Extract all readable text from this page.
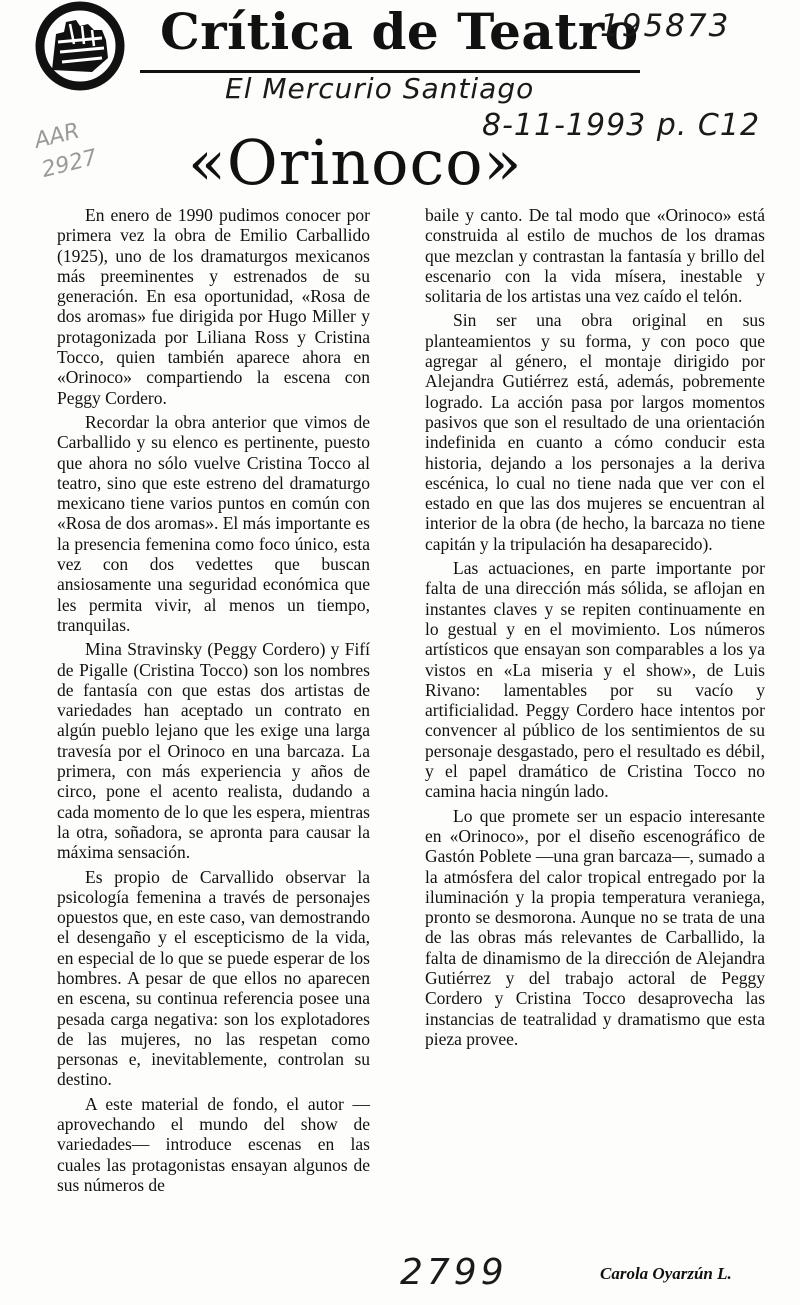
Crítica de Teatro
195873
El Mercurio Santiago
8-11-1993 p. C12
AAR
2927 «Orinoco»

En enero de 1990 pudimos conocer por primera vez la obra de Emilio Carballido (1925), uno de los dramaturgos mexicanos más preeminentes y estrenados de su generación. En esa oportunidad, «Rosa de dos aromas» fue dirigida por Hugo Miller y protagonizada por Liliana Ross y Cristina Tocco, quien también aparece ahora en «Orinoco» compartiendo la escena con Peggy Cordero.

Recordar la obra anterior que vimos de Carballido y su elenco es pertinente, puesto que ahora no sólo vuelve Cristina Tocco al teatro, sino que este estreno del dramaturgo mexicano tiene varios puntos en común con «Rosa de dos aromas». El más importante es la presencia femenina como foco único, esta vez con dos vedettes que buscan ansiosamente una seguridad económica que les permita vivir, al menos un tiempo, tranquilas.

Mina Stravinsky (Peggy Cordero) y Fifí de Pigalle (Cristina Tocco) son los nombres de fantasía con que estas dos artistas de variedades han aceptado un contrato en algún pueblo lejano que les exige una larga travesía por el Orinoco en una barcaza. La primera, con más experiencia y años de circo, pone el acento realista, dudando a cada momento de lo que les espera, mientras la otra, soñadora, se apronta para causar la máxima sensación.

Es propio de Carvallido observar la psicología femenina a través de personajes opuestos que, en este caso, van demostrando el desengaño y el escepticismo de la vida, en especial de lo que se puede esperar de los hombres. A pesar de que ellos no aparecen en escena, su continua referencia posee una pesada carga negativa: son los explotadores de las mujeres, no las respetan como personas e, inevitablemente, controlan su destino.

A este material de fondo, el autor —aprovechando el mundo del show de variedades— introduce escenas en las cuales las protagonistas ensayan algunos de sus números de

baile y canto. De tal modo que «Orinoco» está construida al estilo de muchos de los dramas que mezclan y contrastan la fantasía y brillo del escenario con la vida mísera, inestable y solitaria de los artistas una vez caído el telón.

Sin ser una obra original en sus planteamientos y su forma, y con poco que agregar al género, el montaje dirigido por Alejandra Gutiérrez está, además, pobremente logrado. La acción pasa por largos momentos pasivos que son el resultado de una orientación indefinida en cuanto a cómo conducir esta historia, dejando a los personajes a la deriva escénica, lo cual no tiene nada que ver con el estado en que las dos mujeres se encuentran al interior de la obra (de hecho, la barcaza no tiene capitán y la tripulación ha desaparecido).

Las actuaciones, en parte importante por falta de una dirección más sólida, se aflojan en instantes claves y se repiten continuamente en lo gestual y en el movimiento. Los números artísticos que ensayan son comparables a los ya vistos en «La miseria y el show», de Luis Rivano: lamentables por su vacío y artificialidad. Peggy Cordero hace intentos por convencer al público de los sentimientos de su personaje desgastado, pero el resultado es débil, y el papel dramático de Cristina Tocco no camina hacia ningún lado.

Lo que promete ser un espacio interesante en «Orinoco», por el diseño escenográfico de Gastón Poblete —una gran barcaza—, sumado a la atmósfera del calor tropical entregado por la iluminación y la propia temperatura veraniega, pronto se desmorona. Aunque no se trata de una de las obras más relevantes de Carballido, la falta de dinamismo de la dirección de Alejandra Gutiérrez y del trabajo actoral de Peggy Cordero y Cristina Tocco desaprovecha las instancias de teatralidad y dramatismo que esta pieza provee.

2799	Carola Oyarzún L.
